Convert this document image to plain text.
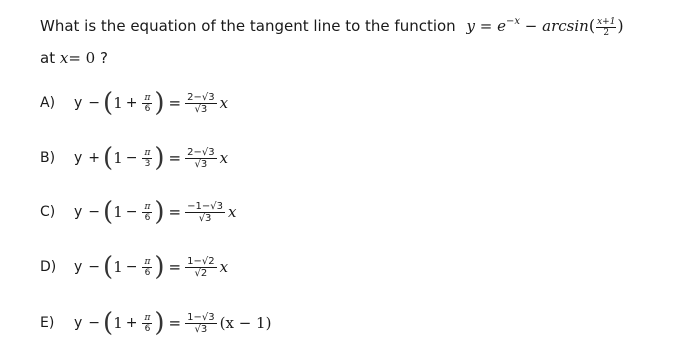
What is the equation of the tangent line to the function $y = e^{-x} - \arcsin( \frac{x+1}{2}$ )
at x= 0 ?
A)	y − ( $1 + \frac{\pi}{6}$ ) = $\frac{2-√3}{√3}$ x
B)	y + ( $1 - \frac{\pi}{3}$ ) = $\frac{2-√3}{√3}$ x
C)	y − ( $1 - \frac{\pi}{6}$ ) = $\frac{-1-√3}{√3}$ x
D)	y − ( $1 - \frac{\pi}{6}$ ) = $\frac{1-√2}{√2}$ x
E)	y − ( $1 + \frac{\pi}{6}$ ) = $\frac{1-√3}{√3} (x - 1)$
